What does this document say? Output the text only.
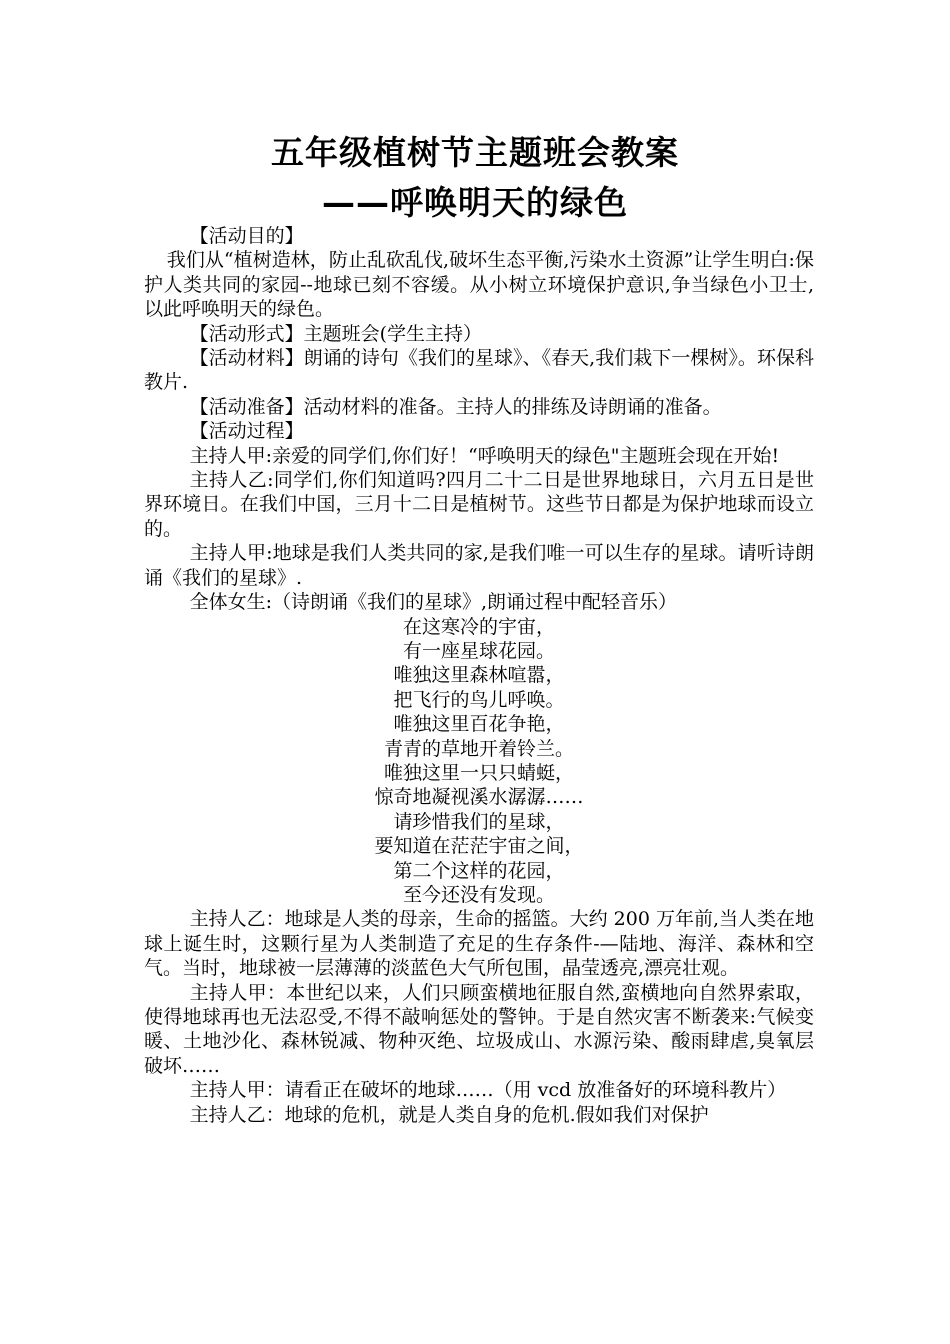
五年级植树节主题班会教案
——呼唤明天的绿色

【活动目的】

我们从“植树造林，防止乱砍乱伐,破坏生态平衡,污染水土资源”让学生明白:保护人类共同的家园--地球已刻不容缓。从小树立环境保护意识,争当绿色小卫士,以此呼唤明天的绿色。

【活动形式】主题班会(学生主持）

【活动材料】朗诵的诗句《我们的星球》、《春天,我们栽下一棵树》。环保科教片.

【活动准备】活动材料的准备。主持人的排练及诗朗诵的准备。

【活动过程】

主持人甲:亲爱的同学们,你们好！“呼唤明天的绿色"主题班会现在开始!

主持人乙:同学们,你们知道吗?四月二十二日是世界地球日，六月五日是世界环境日。在我们中国，三月十二日是植树节。这些节日都是为保护地球而设立的。

主持人甲:地球是我们人类共同的家,是我们唯一可以生存的星球。请听诗朗诵《我们的星球》.

全体女生:（诗朗诵《我们的星球》,朗诵过程中配轻音乐）

在这寒冷的宇宙，
有一座星球花园。
唯独这里森林喧嚣，
把飞行的鸟儿呼唤。
唯独这里百花争艳，
青青的草地开着铃兰。
唯独这里一只只蜻蜓，
惊奇地凝视溪水潺潺……
请珍惜我们的星球，
要知道在茫茫宇宙之间，
第二个这样的花园，
至今还没有发现。

主持人乙：地球是人类的母亲，生命的摇篮。大约 200 万年前,当人类在地球上诞生时，这颗行星为人类制造了充足的生存条件-—陆地、海洋、森林和空气。当时，地球被一层薄薄的淡蓝色大气所包围，晶莹透亮,漂亮壮观。

主持人甲：本世纪以来，人们只顾蛮横地征服自然,蛮横地向自然界索取，使得地球再也无法忍受,不得不敲响惩处的警钟。于是自然灾害不断袭来:气候变暖、土地沙化、森林锐减、物种灭绝、垃圾成山、水源污染、酸雨肆虐,臭氧层破坏……

主持人甲：请看正在破坏的地球……（用 vcd 放准备好的环境科教片）

主持人乙：地球的危机，就是人类自身的危机.假如我们对保护
